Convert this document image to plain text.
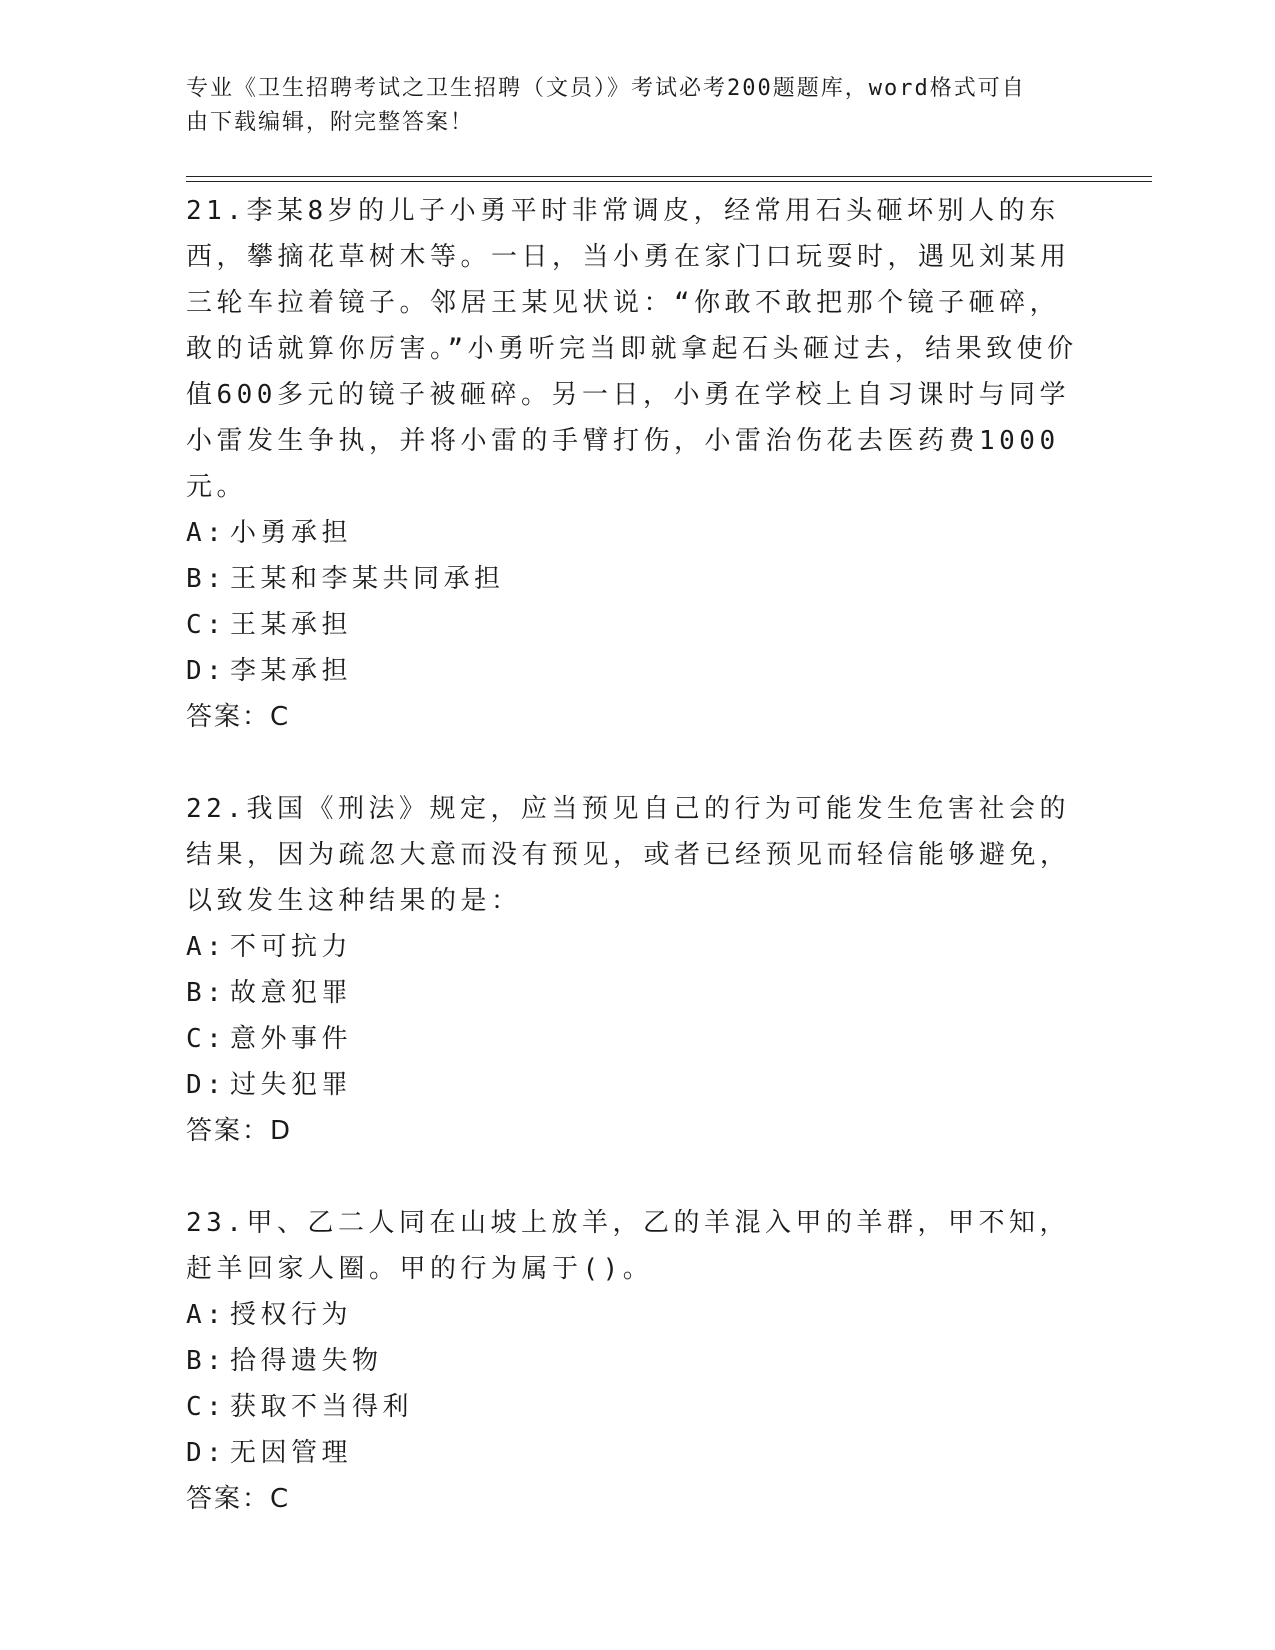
专业《卫生招聘考试之卫生招聘（文员）》考试必考200题题库，word格式可自
由下载编辑，附完整答案！

21.李某8岁的儿子小勇平时非常调皮，经常用石头砸坏别人的东西，攀摘花草树木等。一日，当小勇在家门口玩耍时，遇见刘某用三轮车拉着镜子。邻居王某见状说：“你敢不敢把那个镜子砸碎，敢的话就算你厉害。”小勇听完当即就拿起石头砸过去，结果致使价值600多元的镜子被砸碎。另一日，小勇在学校上自习课时与同学小雷发生争执，并将小雷的手臂打伤，小雷治伤花去医药费1000元。

A: 小勇承担
B: 王某和李某共同承担
C: 王某承担
D: 李某承担
答案：C

22.我国《刑法》规定，应当预见自己的行为可能发生危害社会的结果，因为疏忽大意而没有预见，或者已经预见而轻信能够避免，以致发生这种结果的是：

A: 不可抗力
B: 故意犯罪
C: 意外事件
D: 过失犯罪
答案：D

23.甲、乙二人同在山坡上放羊，乙的羊混入甲的羊群，甲不知，赶羊回家人圈。甲的行为属于()。

A: 授权行为
B: 拾得遗失物
C: 获取不当得利
D: 无因管理
答案：C
